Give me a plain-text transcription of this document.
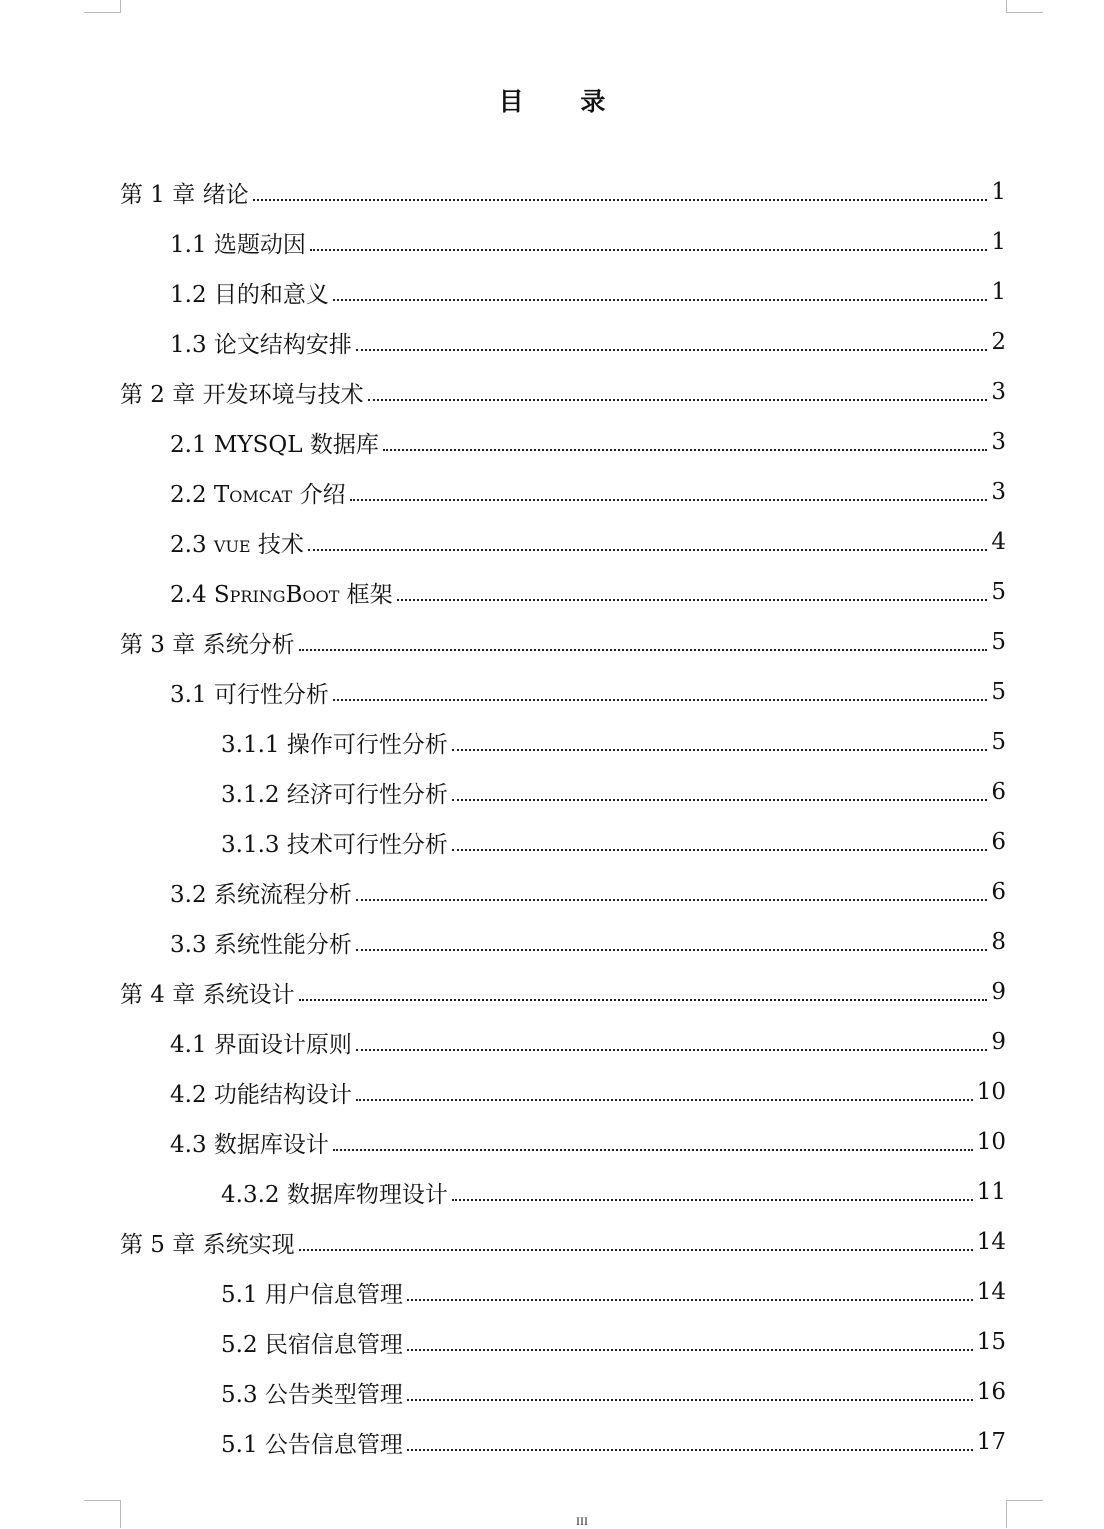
目 录
第 1 章 绪论	1
1.1 选题动因	1
1.2 目的和意义	1
1.3 论文结构安排	2
第 2 章 开发环境与技术	3
2.1 MYSQL 数据库	3
2.2 Tomcat 介绍	3
2.3 vue 技术	4
2.4 SpringBoot 框架	5
第 3 章 系统分析	5
3.1 可行性分析	5
3.1.1 操作可行性分析	5
3.1.2 经济可行性分析	6
3.1.3 技术可行性分析	6
3.2 系统流程分析	6
3.3 系统性能分析	8
第 4 章 系统设计	9
4.1 界面设计原则	9
4.2 功能结构设计	10
4.3 数据库设计	10
4.3.2 数据库物理设计	11
第 5 章 系统实现	14
5.1 用户信息管理	14
5.2 民宿信息管理	15
5.3 公告类型管理	16
5.1 公告信息管理	17
III
